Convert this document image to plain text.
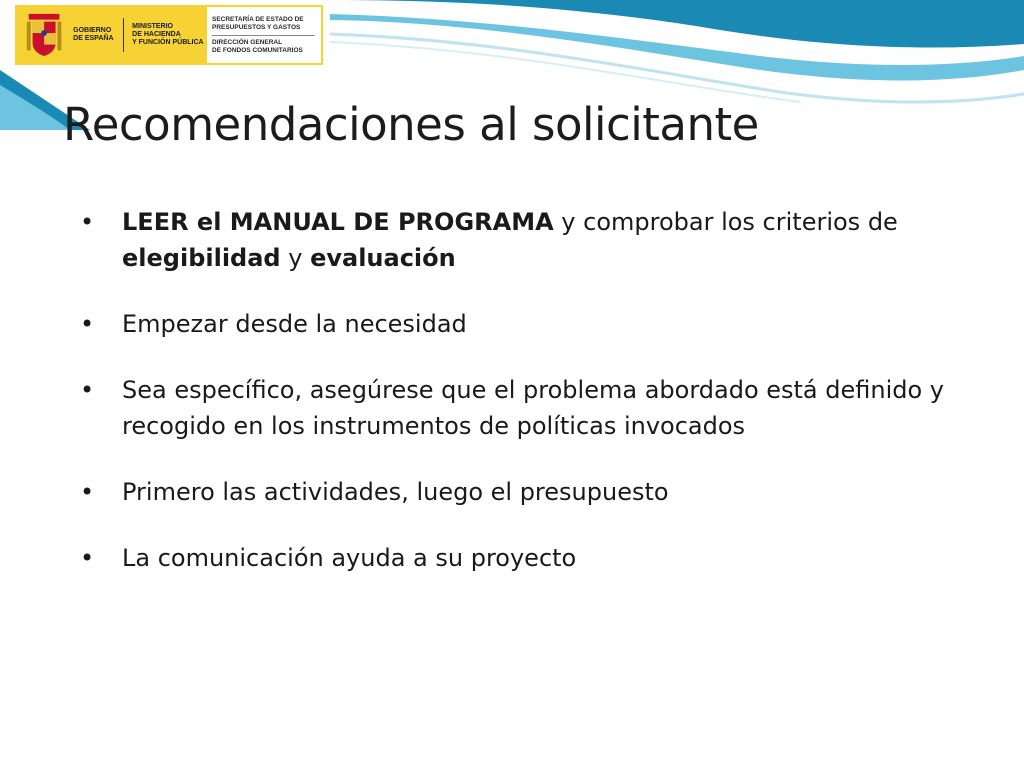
GOBIERNO
DE ESPAÑA
MINISTERIO
DE HACIENDA
Y FUNCIÓN PÚBLICA
SECRETARÍA DE ESTADO DE
PRESUPUESTOS Y GASTOS
DIRECCIÓN GENERAL
DE FONDOS COMUNITARIOS
Recomendaciones al solicitante
• LEER el MANUAL DE PROGRAMA y comprobar los criterios de elegibilidad y evaluación
• Empezar desde la necesidad
• Sea específico, asegúrese que el problema abordado está definido y recogido en los instrumentos de políticas invocados
• Primero las actividades, luego el presupuesto
• La comunicación ayuda a su proyecto
